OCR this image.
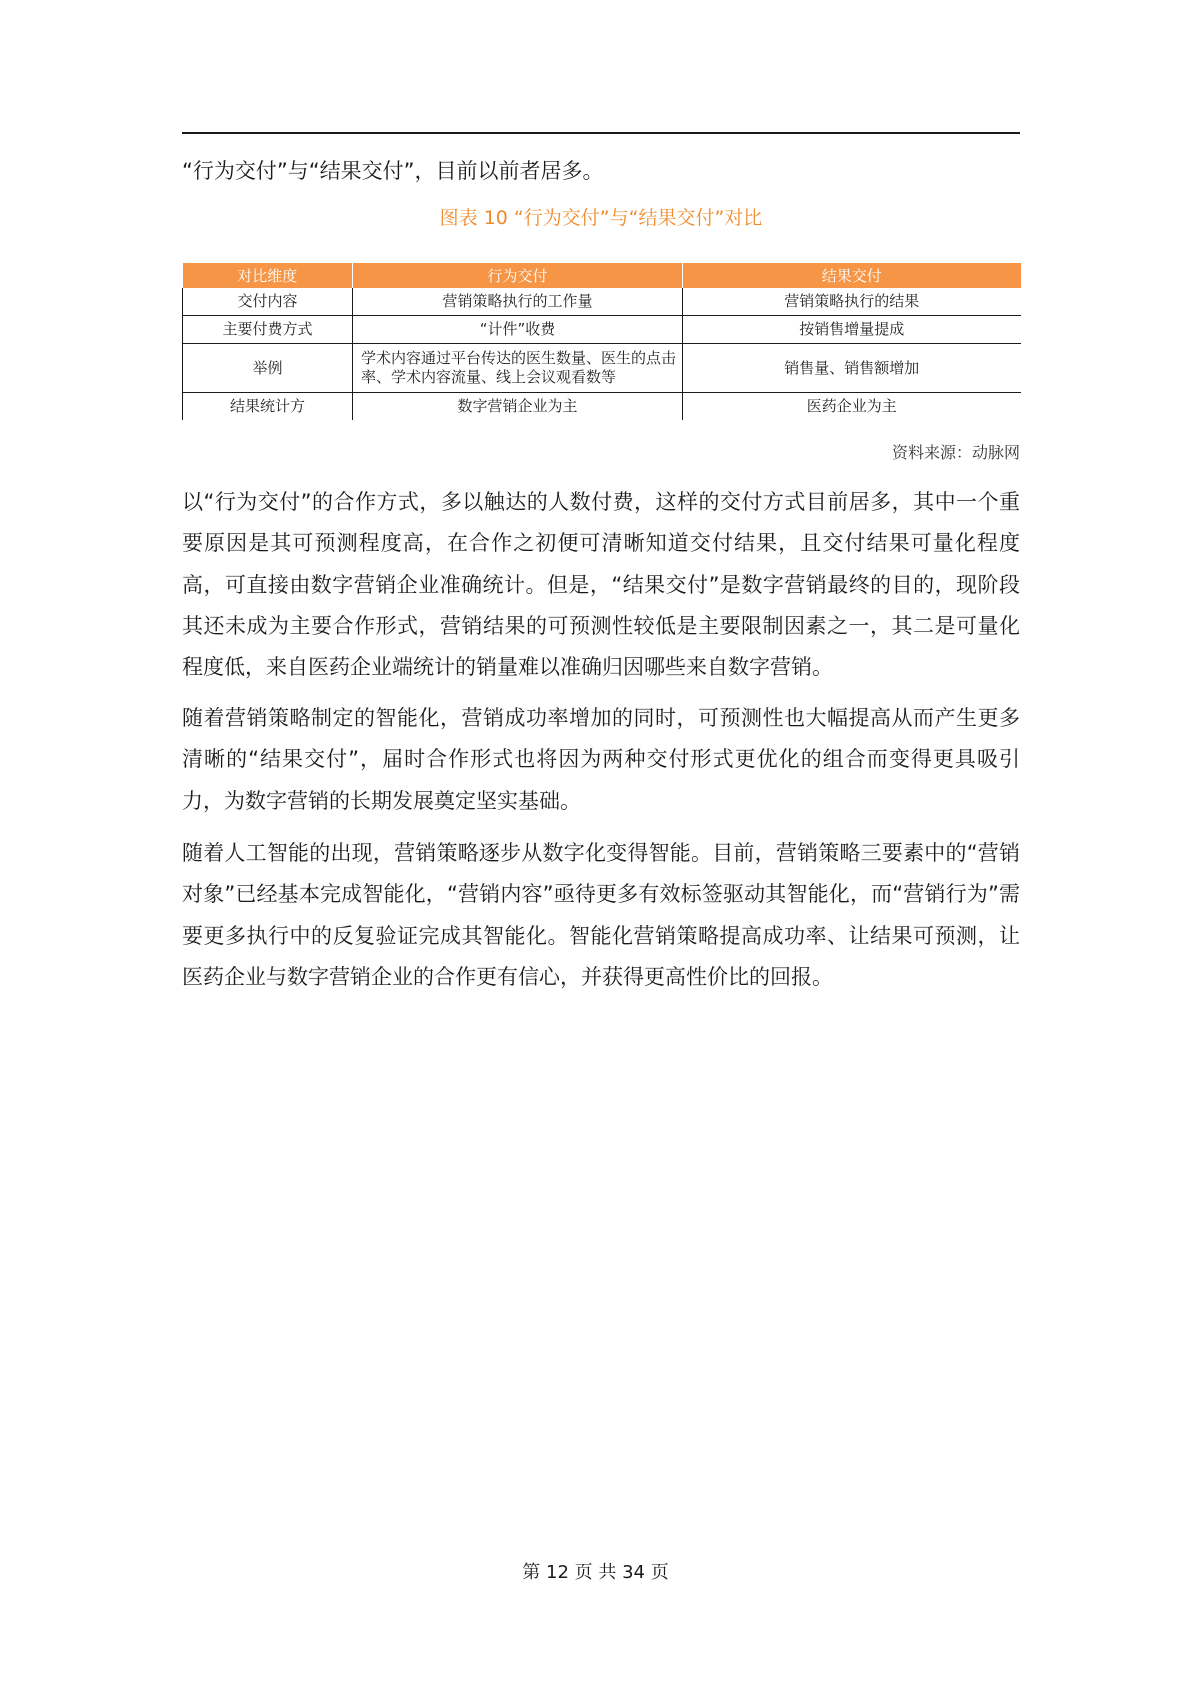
“行为交付”与“结果交付”，目前以前者居多。
图表 10 “行为交付”与“结果交付”对比
对比维度	行为交付	结果交付
交付内容	营销策略执行的工作量	营销策略执行的结果
主要付费方式	“计件”收费	按销售增量提成
举例	学术内容通过平台传达的医生数量、医生的点击率、学术内容流量、线上会议观看数等	销售量、销售额增加
结果统计方	数字营销企业为主	医药企业为主
资料来源：动脉网

以“行为交付”的合作方式，多以触达的人数付费，这样的交付方式目前居多，其中一个重要原因是其可预测程度高，在合作之初便可清晰知道交付结果，且交付结果可量化程度高，可直接由数字营销企业准确统计。但是，“结果交付”是数字营销最终的目的，现阶段其还未成为主要合作形式，营销结果的可预测性较低是主要限制因素之一，其二是可量化程度低，来自医药企业端统计的销量难以准确归因哪些来自数字营销。

随着营销策略制定的智能化，营销成功率增加的同时，可预测性也大幅提高从而产生更多清晰的“结果交付”，届时合作形式也将因为两种交付形式更优化的组合而变得更具吸引力，为数字营销的长期发展奠定坚实基础。

随着人工智能的出现，营销策略逐步从数字化变得智能。目前，营销策略三要素中的“营销对象”已经基本完成智能化，“营销内容”亟待更多有效标签驱动其智能化，而“营销行为”需要更多执行中的反复验证完成其智能化。智能化营销策略提高成功率、让结果可预测，让医药企业与数字营销企业的合作更有信心，并获得更高性价比的回报。

第 12 页 共 34 页
